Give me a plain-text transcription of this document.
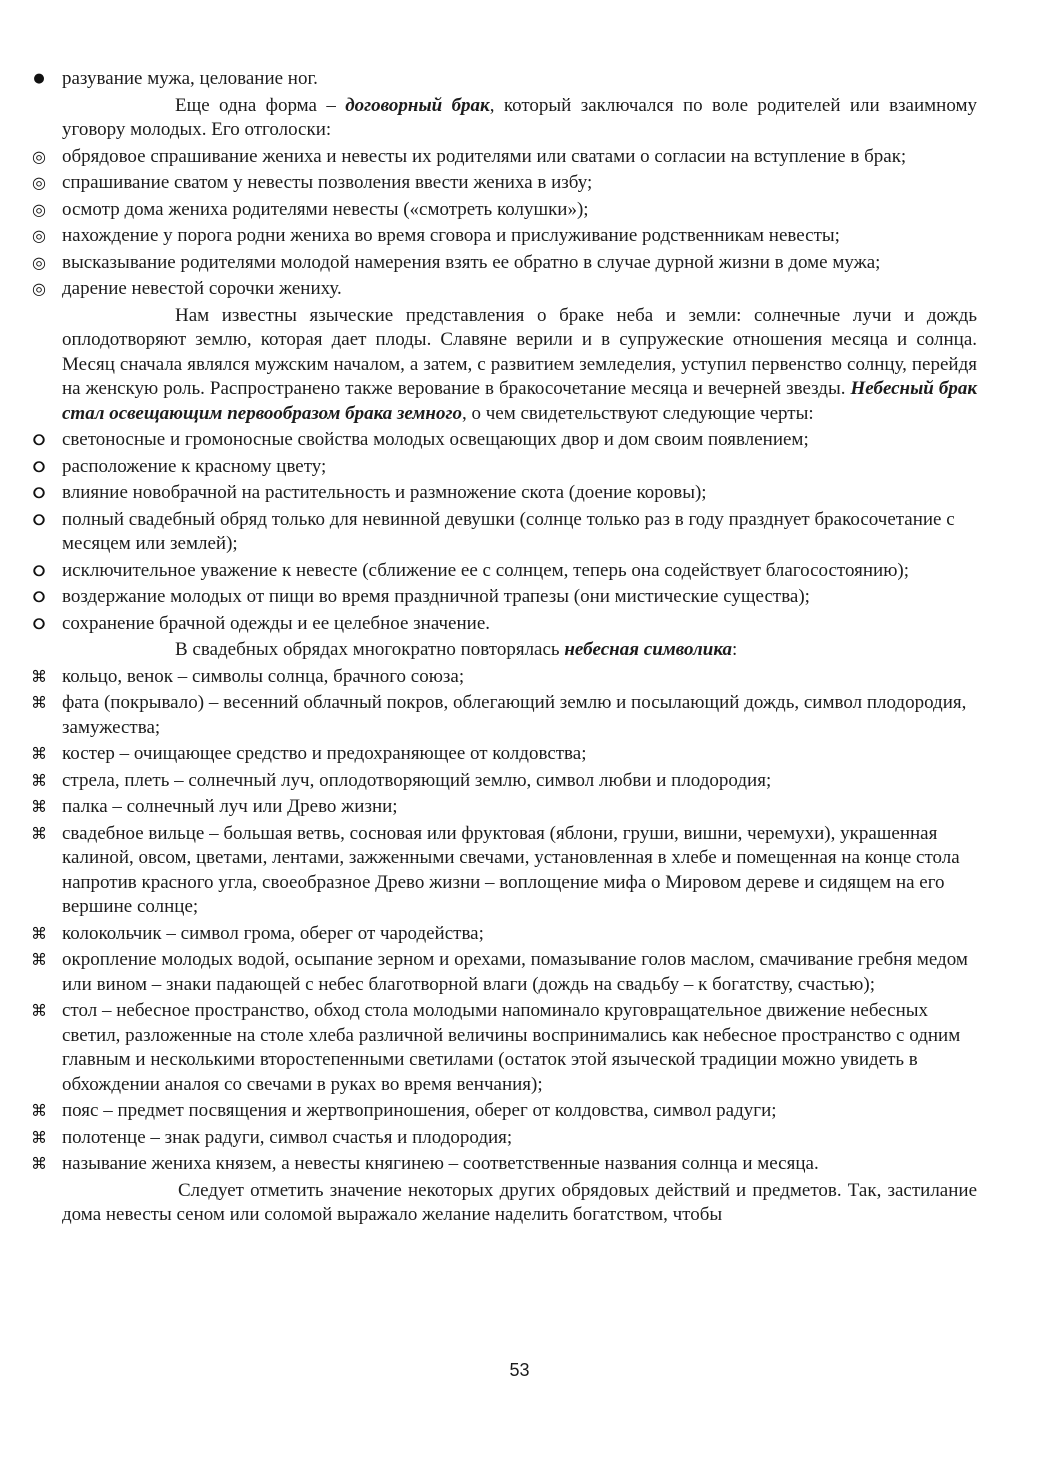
● разувание мужа, целование ног.

Еще одна форма – договорный брак, который заключался по воле родителей или взаимному уговору молодых. Его отголоски:

◎ обрядовое спрашивание жениха и невесты их родителями или сватами о согласии на вступление в брак;
◎ спрашивание сватом у невесты позволения ввести жениха в избу;
◎ осмотр дома жениха родителями невесты («смотреть колушки»);
◎ нахождение у порога родни жениха во время сговора и прислуживание родственникам невесты;
◎ высказывание родителями молодой намерения взять ее обратно в случае дурной жизни в доме мужа;
◎ дарение невестой сорочки жениху.

Нам известны языческие представления о браке неба и земли: солнечные лучи и дождь оплодотворяют землю, которая дает плоды. Славяне верили и в супружеские отношения месяца и солнца. Месяц сначала являлся мужским началом, а затем, с развитием земледелия, уступил первенство солнцу, перейдя на женскую роль. Распространено также верование в бракосочетание месяца и вечерней звезды. Небесный брак стал освещающим первообразом брака земного, о чем свидетельствуют следующие черты:

⭘ светоносные и громоносные свойства молодых освещающих двор и дом своим появлением;
⭘ расположение к красному цвету;
⭘ влияние новобрачной на растительность и размножение скота (доение коровы);
⭘ полный свадебный обряд только для невинной девушки (солнце только раз в году празднует бракосочетание с месяцем или землей);
⭘ исключительное уважение к невесте (сближение ее с солнцем, теперь она содействует благосостоянию);
⭘ воздержание молодых от пищи во время праздничной трапезы (они мистические существа);
⭘ сохранение брачной одежды и ее целебное значение.

В свадебных обрядах многократно повторялась небесная символика:

⌘ кольцо, венок – символы солнца, брачного союза;
⌘ фата (покрывало) – весенний облачный покров, облегающий землю и посылающий дождь, символ плодородия, замужества;
⌘ костер – очищающее средство и предохраняющее от колдовства;
⌘ стрела, плеть – солнечный луч, оплодотворяющий землю, символ любви и плодородия;
⌘ палка – солнечный луч или Древо жизни;
⌘ свадебное вильце – большая ветвь, сосновая или фруктовая (яблони, груши, вишни, черемухи), украшенная калиной, овсом, цветами, лентами, зажженными свечами, установленная в хлебе и помещенная на конце стола напротив красного угла, своеобразное Древо жизни – воплощение мифа о Мировом дереве и сидящем на его вершине солнце;
⌘ колокольчик – символ грома, оберег от чародейства;
⌘ окропление молодых водой, осыпание зерном и орехами, помазывание голов маслом, смачивание гребня медом или вином – знаки падающей с небес благотворной влаги (дождь на свадьбу – к богатству, счастью);
⌘ стол – небесное пространство, обход стола молодыми напоминало круговращательное движение небесных светил, разложенные на столе хлеба различной величины воспринимались как небесное пространство с одним главным и несколькими второстепенными светилами (остаток этой языческой традиции можно увидеть в обхождении аналоя со свечами в руках во время венчания);
⌘ пояс – предмет посвящения и жертвоприношения, оберег от колдовства, символ радуги;
⌘ полотенце – знак радуги, символ счастья и плодородия;
⌘ называние жениха князем, а невесты княгинею – соответственные названия солнца и месяца.

Следует отметить значение некоторых других обрядовых действий и предметов. Так, застилание дома невесты сеном или соломой выражало желание наделить богатством, чтобы

53
